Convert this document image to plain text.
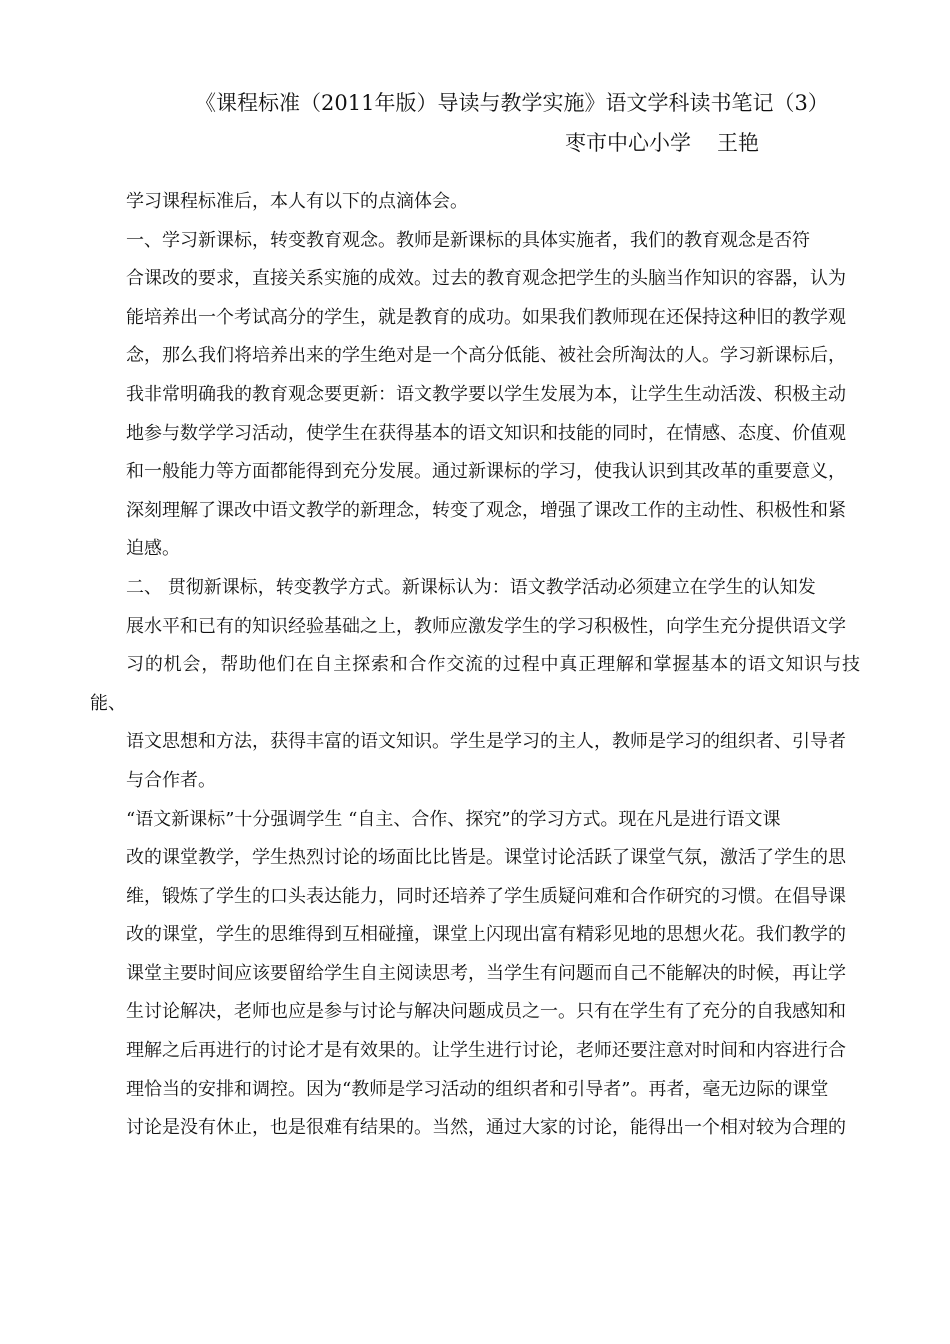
《课程标准（2011年版）导读与教学实施》语文学科读书笔记（3）
枣市中心小学 王艳

学习课程标准后，本人有以下的点滴体会。

一、学习新课标，转变教育观念。教师是新课标的具体实施者，我们的教育观念是否符
合课改的要求，直接关系实施的成效。过去的教育观念把学生的头脑当作知识的容器，认为
能培养出一个考试高分的学生，就是教育的成功。如果我们教师现在还保持这种旧的教学观
念，那么我们将培养出来的学生绝对是一个高分低能、被社会所淘汰的人。学习新课标后，
我非常明确我的教育观念要更新：语文教学要以学生发展为本，让学生生动活泼、积极主动
地参与数学学习活动，使学生在获得基本的语文知识和技能的同时，在情感、态度、价值观
和一般能力等方面都能得到充分发展。通过新课标的学习，使我认识到其改革的重要意义，
深刻理解了课改中语文教学的新理念，转变了观念，增强了课改工作的主动性、积极性和紧
迫感。

二、 贯彻新课标，转变教学方式。新课标认为：语文教学活动必须建立在学生的认知发
展水平和已有的知识经验基础之上，教师应激发学生的学习积极性，向学生充分提供语文学
习的机会，帮助他们在自主探索和合作交流的过程中真正理解和掌握基本的语文知识与技能、
语文思想和方法，获得丰富的语文知识。学生是学习的主人，教师是学习的组织者、引导者
与合作者。

“语文新课标”十分强调学生 “自主、合作、探究”的学习方式。现在凡是进行语文课
改的课堂教学，学生热烈讨论的场面比比皆是。课堂讨论活跃了课堂气氛，激活了学生的思
维，锻炼了学生的口头表达能力，同时还培养了学生质疑问难和合作研究的习惯。在倡导课
改的课堂，学生的思维得到互相碰撞，课堂上闪现出富有精彩见地的思想火花。我们教学的
课堂主要时间应该要留给学生自主阅读思考，当学生有问题而自己不能解决的时候，再让学
生讨论解决，老师也应是参与讨论与解决问题成员之一。只有在学生有了充分的自我感知和
理解之后再进行的讨论才是有效果的。让学生进行讨论，老师还要注意对时间和内容进行合
理恰当的安排和调控。因为“教师是学习活动的组织者和引导者”。再者，毫无边际的课堂
讨论是没有休止，也是很难有结果的。当然，通过大家的讨论，能得出一个相对较为合理的
